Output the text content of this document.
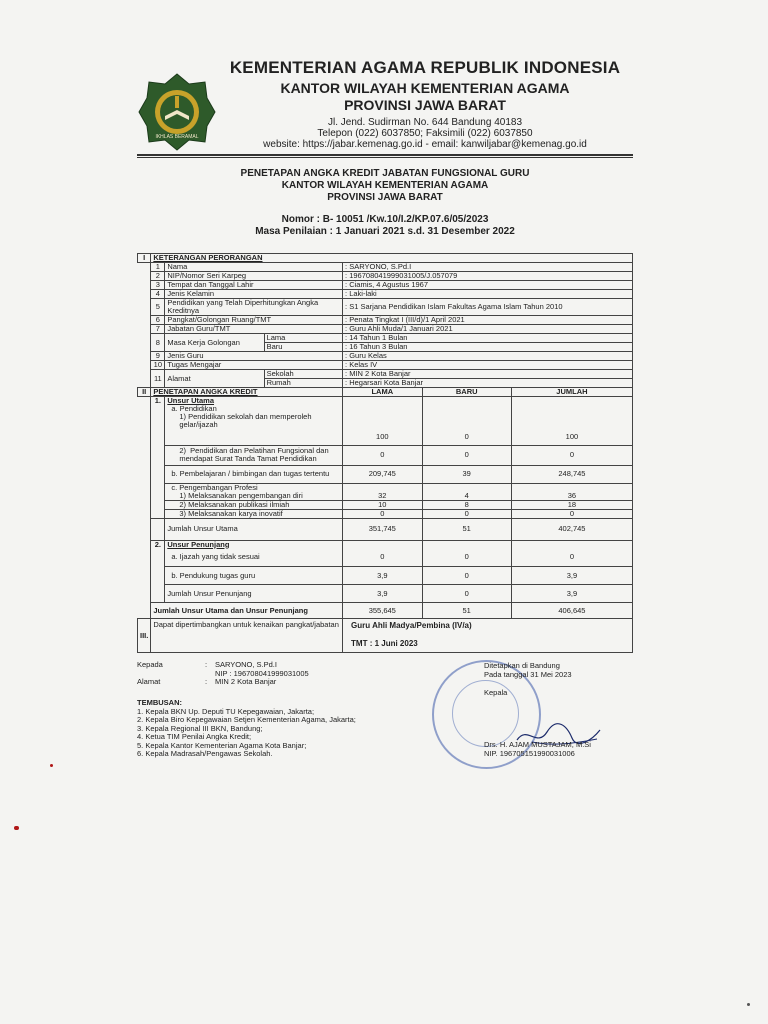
IKHLAS BERAMAL
KEMENTERIAN AGAMA REPUBLIK INDONESIA
KANTOR WILAYAH KEMENTERIAN AGAMA
PROVINSI JAWA BARAT
Jl. Jend. Sudirman No. 644 Bandung 40183
Telepon (022) 6037850; Faksimili (022) 6037850
website: https://jabar.kemenag.go.id - email: kanwiljabar@kemenag.go.id
PENETAPAN ANGKA KREDIT JABATAN FUNGSIONAL GURU
KANTOR WILAYAH KEMENTERIAN AGAMA
PROVINSI JAWA BARAT
Nomor : B- 10051 /Kw.10/I.2/KP.07.6/05/2023
Masa Penilaian : 1 Januari 2021 s.d. 31 Desember 2022
I	KETERANGAN PERORANGAN					
	1	Nama		: SARYONO, S.Pd.I		
	2	NIP/Nomor Seri Karpeg		: 196708041999031005/J.057079		
	3	Tempat dan Tanggal Lahir		: Ciamis, 4 Agustus 1967		
	4	Jenis Kelamin		: Laki-laki		
	5	Pendidikan yang Telah Diperhitungkan Angka Kreditnya		: S1 Sarjana Pendidikan Islam Fakultas Agama Islam Tahun 2010		
	6	Pangkat/Golongan Ruang/TMT		: Penata Tingkat I (III/d)/1 April 2021		
	7	Jabatan Guru/TMT		: Guru Ahli Muda/1 Januari 2021		
	8	Masa Kerja Golongan	Lama	: 14 Tahun 1 Bulan		
			Baru	: 16 Tahun 3 Bulan		
	9	Jenis Guru		: Guru Kelas		
	10	Tugas Mengajar		: Kelas IV		
	11	Alamat	Sekolah	: MIN 2 Kota Banjar		
			Rumah	: Hegarsari Kota Banjar		
II	PENETAPAN ANGKA KREDIT			LAMA	BARU	JUMLAH
	1.	Unsur Utama				
		a. Pendidikan				
		1) Pendidikan sekolah dan memperoleh gelar/ijazah				
				100	0	100
		2) Pendidikan dan Pelatihan Fungsional dan mendapat Surat Tanda Tamat Pendidikan		0	0	0
		b. Pembelajaran / bimbingan dan tugas tertentu		209,745	39	248,745
		c. Pengembangan Profesi				
		1) Melaksanakan pengembangan diri		32	4	36
		2) Melaksanakan publikasi ilmiah		10	8	18
		3) Melaksanakan karya inovatif		0	0	0
		Jumlah Unsur Utama		351,745	51	402,745
	2.	Unsur Penunjang				
		a. Ijazah yang tidak sesuai		0	0	0
		b. Pendukung tugas guru		3,9	0	3,9
		Jumlah Unsur Penunjang		3,9	0	3,9
	Jumlah Unsur Utama dan Unsur Penunjang			355,645	51	406,645
III.	Dapat dipertimbangkan untuk kenaikan pangkat/jabatan			Guru Ahli Madya/Pembina (IV/a)
TMT : 1 Juni 2023		
Kepada	:	SARYONO, S.Pd.I
NIP : 196708041999031005
Alamat	:	MIN 2 Kota Banjar
TEMBUSAN:
1. Kepala BKN Up. Deputi TU Kepegawaian, Jakarta;
2. Kepala Biro Kepegawaian Setjen Kementerian Agama, Jakarta;
3. Kepala Regional III BKN, Bandung;
4. Ketua TIM Penilai Angka Kredit;
5. Kepala Kantor Kementerian Agama Kota Banjar;
6. Kepala Madrasah/Pengawas Sekolah.
Ditetapkan di Bandung
Pada tanggal 31 Mei 2023
Kepala
Drs. H. AJAM MUSTAJAM, M.Si
NIP. 196705151990031006
